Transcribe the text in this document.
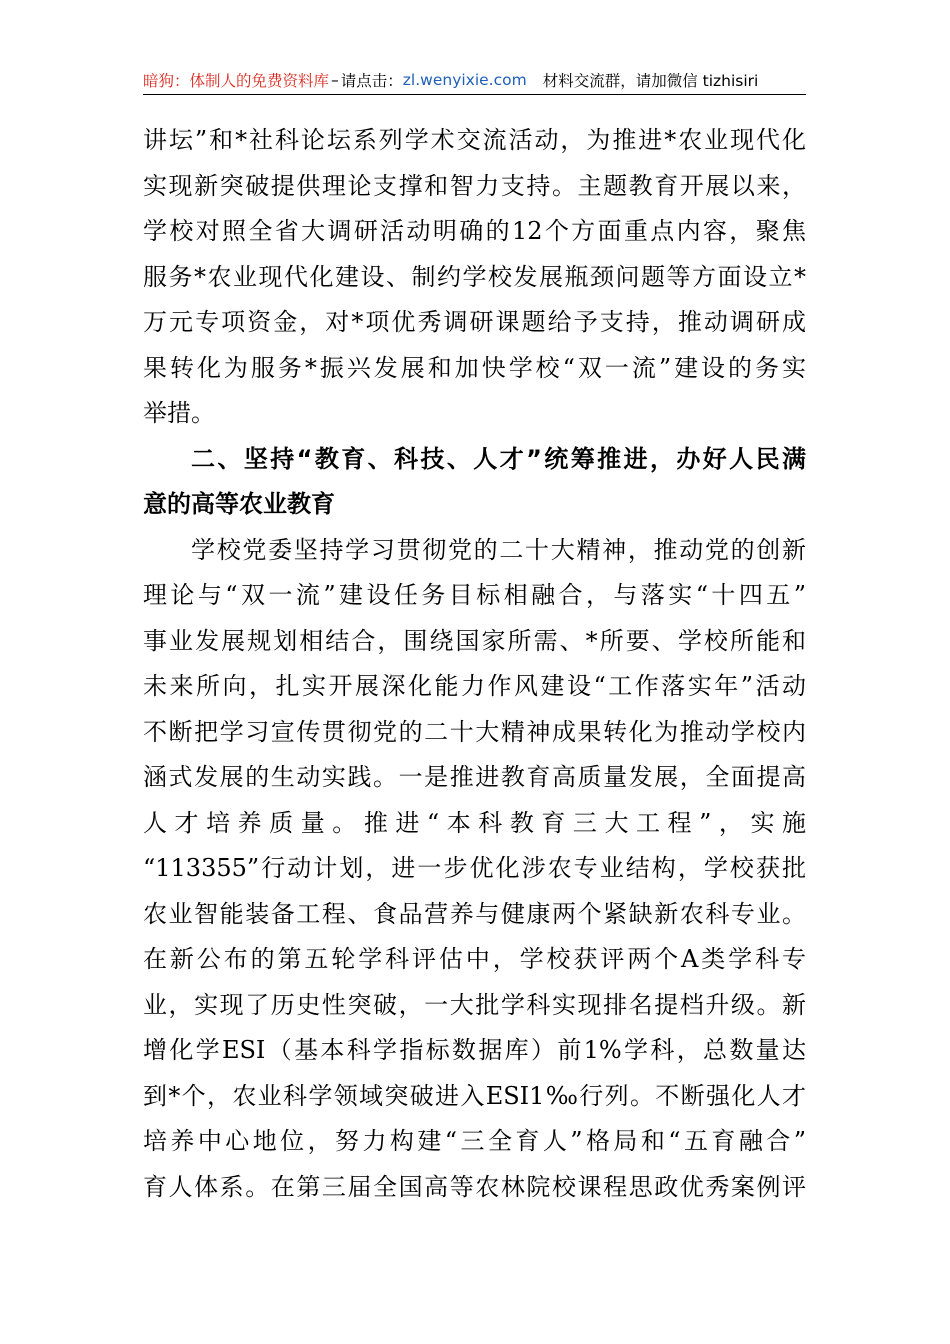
暗狗：体制人的免费资料库 – 请点击： zl.wenyixie.com 材料交流群，请加微信 tizhisiri
讲坛”和*社科论坛系列学术交流活动，为推进*农业现代化
实现新突破提供理论支撑和智力支持。主题教育开展以来，
学校对照全省大调研活动明确的12个方面重点内容，聚焦
服务*农业现代化建设、制约学校发展瓶颈问题等方面设立*
万元专项资金，对*项优秀调研课题给予支持，推动调研成
果转化为服务*振兴发展和加快学校“双一流”建设的务实
举措。
二、坚持“教育、科技、人才”统筹推进，办好人民满
意的高等农业教育
学校党委坚持学习贯彻党的二十大精神，推动党的创新
理论与“双一流”建设任务目标相融合，与落实“十四五”
事业发展规划相结合，围绕国家所需、*所要、学校所能和
未来所向，扎实开展深化能力作风建设“工作落实年”活动
不断把学习宣传贯彻党的二十大精神成果转化为推动学校内
涵式发展的生动实践。一是推进教育高质量发展，全面提高
人才培养质量。推进“本科教育三大工程”，实施
“113355”行动计划，进一步优化涉农专业结构，学校获批
农业智能装备工程、食品营养与健康两个紧缺新农科专业。
在新公布的第五轮学科评估中，学校获评两个A类学科专
业，实现了历史性突破，一大批学科实现排名提档升级。新
增化学ESI（基本科学指标数据库）前1%学科，总数量达
到*个，农业科学领域突破进入ESI1‰行列。不断强化人才
培养中心地位，努力构建“三全育人”格局和“五育融合”
育人体系。在第三届全国高等农林院校课程思政优秀案例评
